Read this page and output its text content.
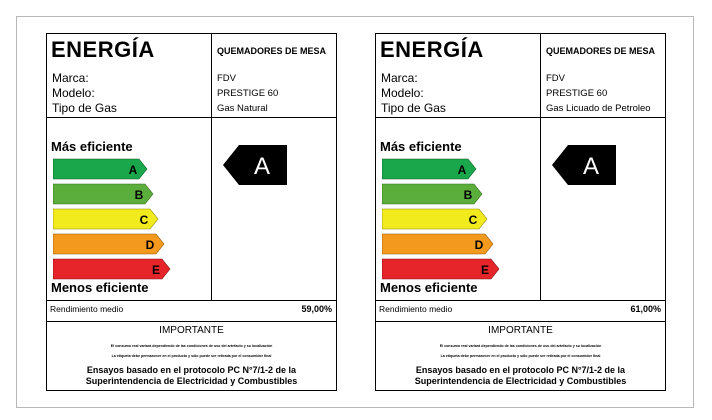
ENERGÍA
Marca:
Modelo:
Tipo de Gas
QUEMADORES DE MESA
FDV
PRESTIGE 60
Gas Natural
Más eficiente
A
B
C
D
E
Menos eficiente
A
Rendimiento medio	59,00%
IMPORTANTE
El consumo real variará dependiendo de las condiciones de uso del artefacto y su localización
La etiqueta debe permanecer en el producto y sólo puede ser retirada por el consumidor final
Ensayos basado en el protocolo PC N°7/1-2 de la
Superintendencia de Electricidad y Combustibles
ENERGÍA
Marca:
Modelo:
Tipo de Gas
QUEMADORES DE MESA
FDV
PRESTIGE 60
Gas Licuado de Petroleo
Más eficiente
A
B
C
D
E
Menos eficiente
A
Rendimiento medio	61,00%
IMPORTANTE
El consumo real variará dependiendo de las condiciones de uso del artefacto y su localización
La etiqueta debe permanecer en el producto y sólo puede ser retirada por el consumidor final
Ensayos basado en el protocolo PC N°7/1-2 de la
Superintendencia de Electricidad y Combustibles
